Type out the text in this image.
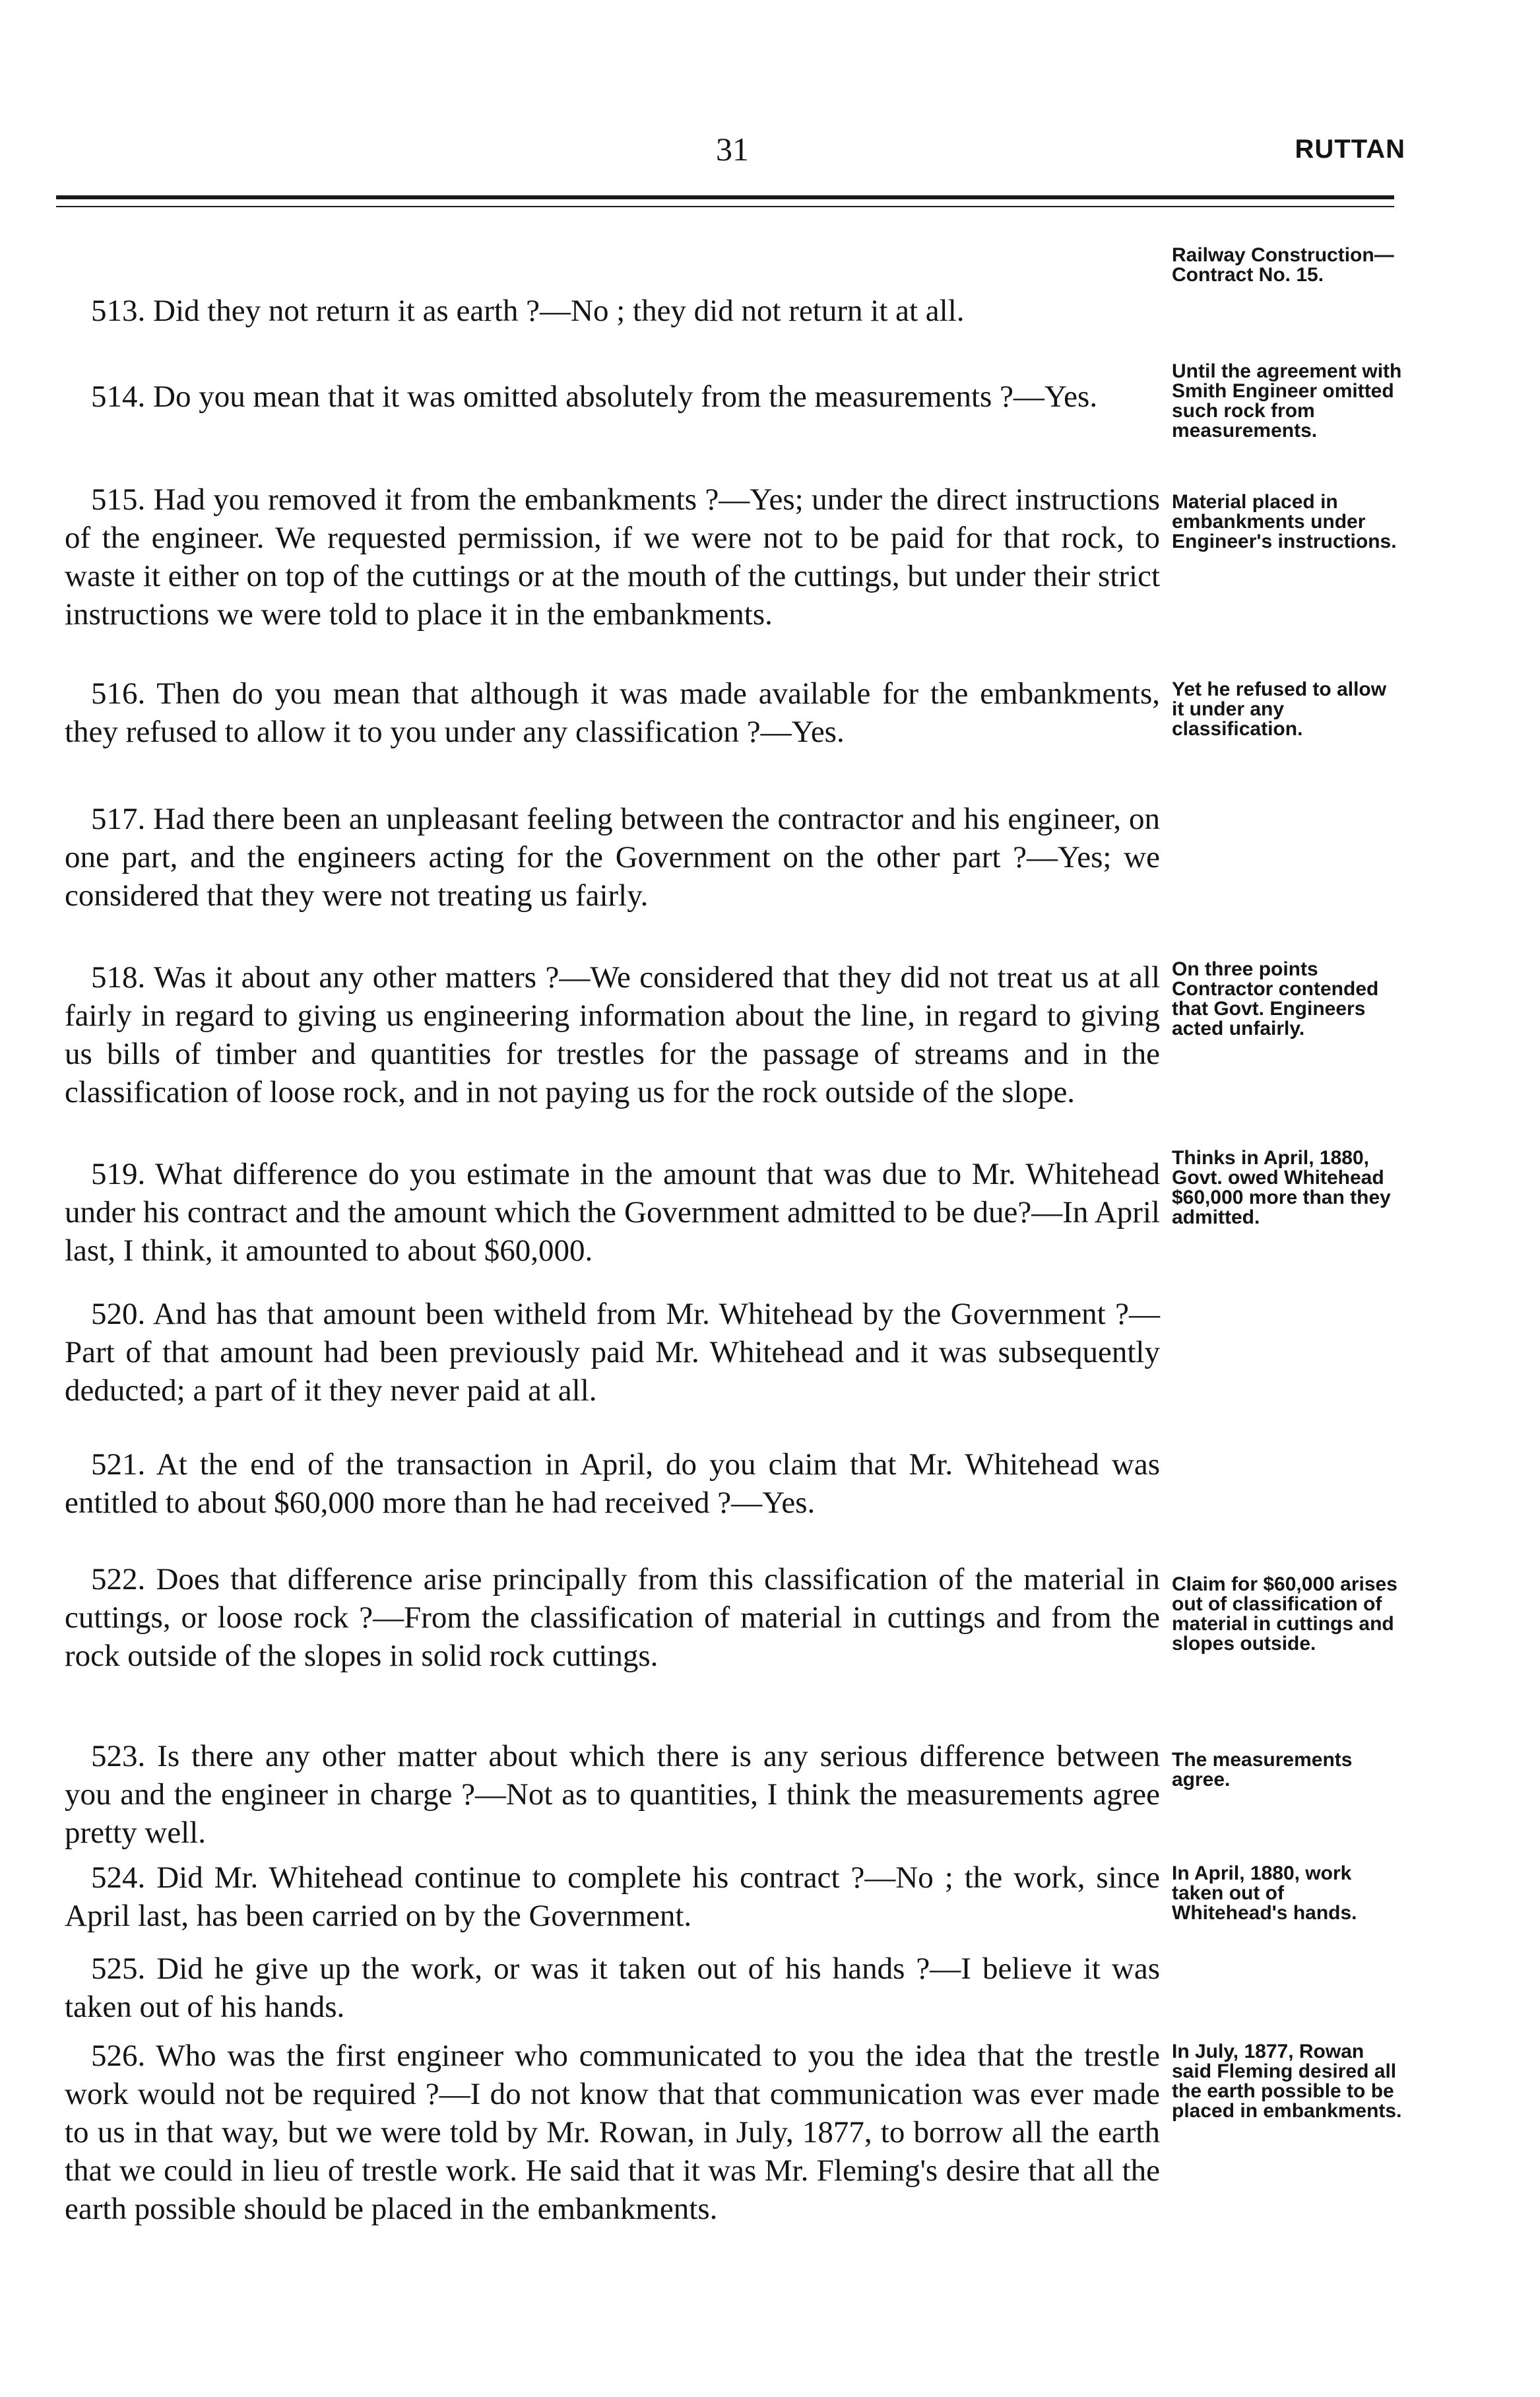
31	RUTTAN

513. Did they not return it as earth ?—No ; they did not return it at all.

514. Do you mean that it was omitted absolutely from the measurements ?—Yes.

515. Had you removed it from the embankments ?—Yes; under the direct instructions of the engineer. We requested permission, if we were not to be paid for that rock, to waste it either on top of the cuttings or at the mouth of the cuttings, but under their strict instructions we were told to place it in the embankments.

516. Then do you mean that although it was made available for the embankments, they refused to allow it to you under any classification ?—Yes.

517. Had there been an unpleasant feeling between the contractor and his engineer, on one part, and the engineers acting for the Government on the other part ?—Yes; we considered that they were not treating us fairly.

518. Was it about any other matters ?—We considered that they did not treat us at all fairly in regard to giving us engineering information about the line, in regard to giving us bills of timber and quantities for trestles for the passage of streams and in the classification of loose rock, and in not paying us for the rock outside of the slope.

519. What difference do you estimate in the amount that was due to Mr. Whitehead under his contract and the amount which the Government admitted to be due?—In April last, I think, it amounted to about $60,000.

520. And has that amount been witheld from Mr. Whitehead by the Government ?—Part of that amount had been previously paid Mr. Whitehead and it was subsequently deducted; a part of it they never paid at all.

521. At the end of the transaction in April, do you claim that Mr. Whitehead was entitled to about $60,000 more than he had received ?—Yes.

522. Does that difference arise principally from this classification of the material in cuttings, or loose rock ?—From the classification of material in cuttings and from the rock outside of the slopes in solid rock cuttings.

523. Is there any other matter about which there is any serious difference between you and the engineer in charge ?—Not as to quantities, I think the measurements agree pretty well.

524. Did Mr. Whitehead continue to complete his contract ?—No ; the work, since April last, has been carried on by the Government.

525. Did he give up the work, or was it taken out of his hands ?—I believe it was taken out of his hands.

526. Who was the first engineer who communicated to you the idea that the trestle work would not be required ?—I do not know that that communication was ever made to us in that way, but we were told by Mr. Rowan, in July, 1877, to borrow all the earth that we could in lieu of trestle work. He said that it was Mr. Fleming's desire that all the earth possible should be placed in the embankments.

Railway Construction—Contract No. 15.
Until the agreement with Smith Engineer omitted such rock from measurements.
Material placed in embankments under Engineer's instructions.
Yet he refused to allow it under any classification.
On three points Contractor contended that Govt. Engineers acted unfairly.
Thinks in April, 1880, Govt. owed Whitehead $60,000 more than they admitted.
Claim for $60,000 arises out of classification of material in cuttings and slopes outside.
The measurements agree.
In April, 1880, work taken out of Whitehead's hands.
In July, 1877, Rowan said Fleming desired all the earth possible to be placed in embankments.
